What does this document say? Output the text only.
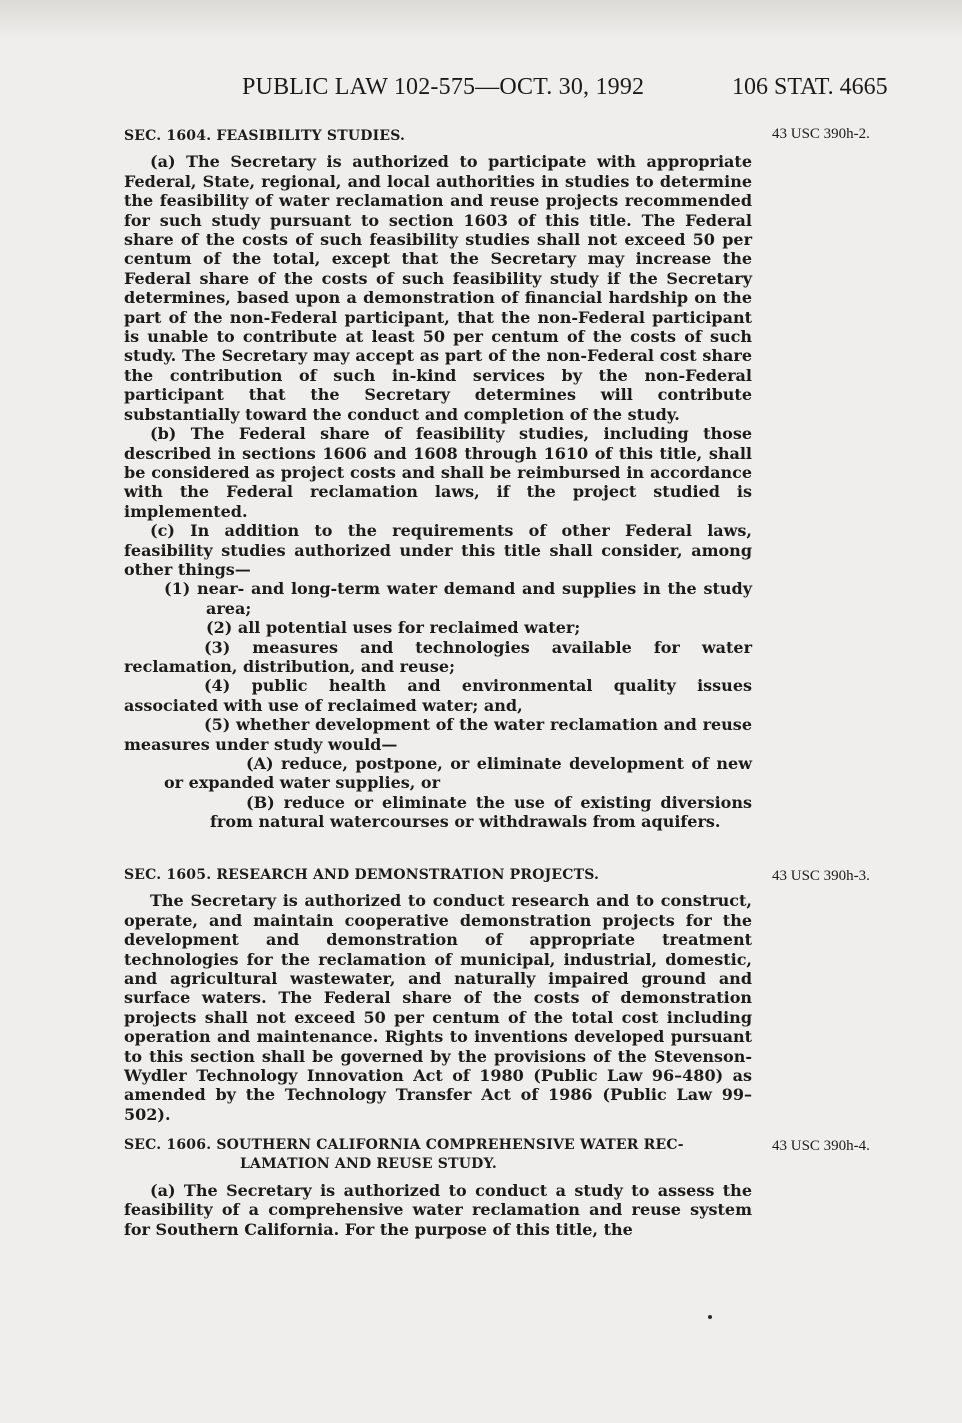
PUBLIC LAW 102-575—OCT. 30, 1992	106 STAT. 4665
43 USC 390h-2.
43 USC 390h-3.
43 USC 390h-4.
SEC. 1604. FEASIBILITY STUDIES.

(a) The Secretary is authorized to participate with appropriate Federal, State, regional, and local authorities in studies to determine the feasibility of water reclamation and reuse projects recommended for such study pursuant to section 1603 of this title. The Federal share of the costs of such feasibility studies shall not exceed 50 per centum of the total, except that the Secretary may increase the Federal share of the costs of such feasibility study if the Secretary determines, based upon a demonstration of financial hardship on the part of the non-Federal participant, that the non-Federal participant is unable to contribute at least 50 per centum of the costs of such study. The Secretary may accept as part of the non-Federal cost share the contribution of such in-kind services by the non-Federal participant that the Secretary determines will contribute substantially toward the conduct and completion of the study.

(b) The Federal share of feasibility studies, including those described in sections 1606 and 1608 through 1610 of this title, shall be considered as project costs and shall be reimbursed in accordance with the Federal reclamation laws, if the project studied is implemented.

(c) In addition to the requirements of other Federal laws, feasibility studies authorized under this title shall consider, among other things—

(1) near- and long-term water demand and supplies in the study area;

(2) all potential uses for reclaimed water;

(3) measures and technologies available for water reclamation, distribution, and reuse;

(4) public health and environmental quality issues associated with use of reclaimed water; and,

(5) whether development of the water reclamation and reuse measures under study would—

(A) reduce, postpone, or eliminate development of new or expanded water supplies, or

(B) reduce or eliminate the use of existing diversions from natural watercourses or withdrawals from aquifers.

SEC. 1605. RESEARCH AND DEMONSTRATION PROJECTS.

The Secretary is authorized to conduct research and to construct, operate, and maintain cooperative demonstration projects for the development and demonstration of appropriate treatment technologies for the reclamation of municipal, industrial, domestic, and agricultural wastewater, and naturally impaired ground and surface waters. The Federal share of the costs of demonstration projects shall not exceed 50 per centum of the total cost including operation and maintenance. Rights to inventions developed pursuant to this section shall be governed by the provisions of the Stevenson-Wydler Technology Innovation Act of 1980 (Public Law 96–480) as amended by the Technology Transfer Act of 1986 (Public Law 99–502).

SEC. 1606. SOUTHERN CALIFORNIA COMPREHENSIVE WATER REC-
LAMATION AND REUSE STUDY.

(a) The Secretary is authorized to conduct a study to assess the feasibility of a comprehensive water reclamation and reuse system for Southern California. For the purpose of this title, the
